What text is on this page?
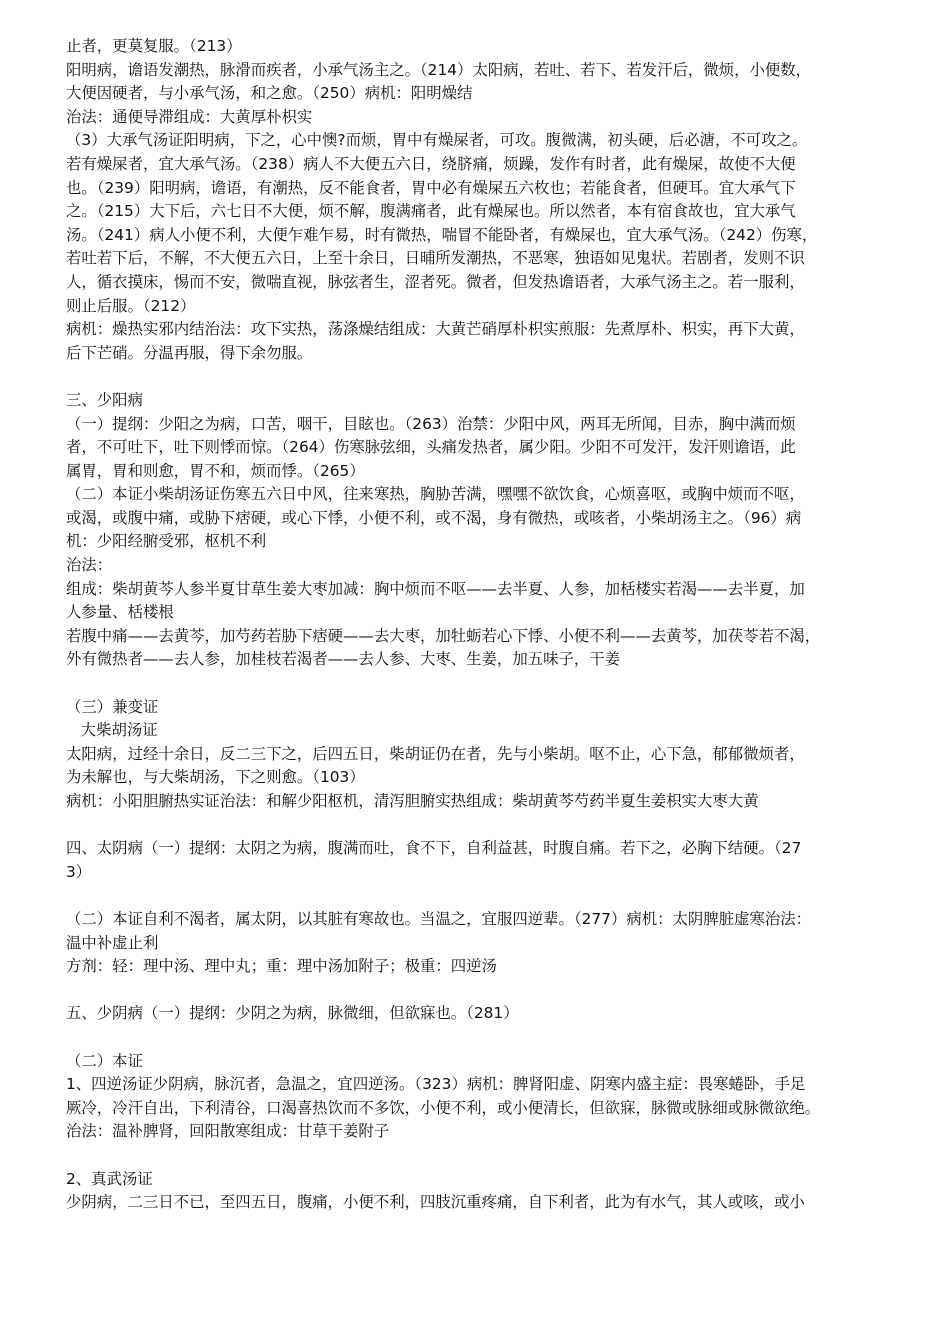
止者，更莫复服。（213）
阳明病，谵语发潮热，脉滑而疾者，小承气汤主之。（214）太阳病，若吐、若下、若发汗后，微烦，小便数，
大便因硬者，与小承气汤，和之愈。（250）病机：阳明燥结
治法：通便导滞组成：大黄厚朴枳实
（3）大承气汤证阳明病，下之，心中懊?而烦，胃中有燥屎者，可攻。腹微满，初头硬，后必溏，不可攻之。
若有燥屎者，宜大承气汤。（238）病人不大便五六日，绕脐痛，烦躁，发作有时者，此有燥屎，故使不大便
也。（239）阳明病，谵语，有潮热，反不能食者，胃中必有燥屎五六枚也；若能食者，但硬耳。宜大承气下
之。（215）大下后，六七日不大便，烦不解，腹满痛者，此有燥屎也。所以然者，本有宿食故也，宜大承气
汤。（241）病人小便不利，大便乍难乍易，时有微热，喘冒不能卧者，有燥屎也，宜大承气汤。（242）伤寒，
若吐若下后，不解，不大便五六日，上至十余日，日晡所发潮热，不恶寒，独语如见鬼状。若剧者，发则不识
人，循衣摸床，惕而不安，微喘直视，脉弦者生，涩者死。微者，但发热谵语者，大承气汤主之。若一服利，
则止后服。（212）
病机：燥热实邪内结治法：攻下实热，荡涤燥结组成：大黄芒硝厚朴枳实煎服：先煮厚朴、枳实，再下大黄，
后下芒硝。分温再服，得下余勿服。
三、少阳病
（一）提纲：少阳之为病，口苦，咽干，目眩也。（263）治禁：少阳中风，两耳无所闻，目赤，胸中满而烦
者，不可吐下，吐下则悸而惊。（264）伤寒脉弦细，头痛发热者，属少阳。少阳不可发汗，发汗则谵语，此
属胃，胃和则愈，胃不和，烦而悸。（265）
（二）本证小柴胡汤证伤寒五六日中风，往来寒热，胸胁苦满，嘿嘿不欲饮食，心烦喜呕，或胸中烦而不呕，
或渴，或腹中痛，或胁下痞硬，或心下悸，小便不利，或不渴，身有微热，或咳者，小柴胡汤主之。（96）病
机：少阳经腑受邪，枢机不利
治法：
组成：柴胡黄芩人参半夏甘草生姜大枣加减：胸中烦而不呕——去半夏、人参，加栝楼实若渴——去半夏，加
人参量、栝楼根
若腹中痛——去黄芩，加芍药若胁下痞硬——去大枣，加牡蛎若心下悸、小便不利——去黄芩，加茯苓若不渴，
外有微热者——去人参，加桂枝若渴者——去人参、大枣、生姜，加五味子，干姜
（三）兼变证
大柴胡汤证
太阳病，过经十余日，反二三下之，后四五日，柴胡证仍在者，先与小柴胡。呕不止，心下急，郁郁微烦者，
为未解也，与大柴胡汤，下之则愈。（103）
病机：小阳胆腑热实证治法：和解少阳枢机，清泻胆腑实热组成：柴胡黄芩芍药半夏生姜枳实大枣大黄
四、太阴病（一）提纲：太阴之为病，腹满而吐，食不下，自利益甚，时腹自痛。若下之，必胸下结硬。（27
3）
（二）本证自利不渴者，属太阴，以其脏有寒故也。当温之，宜服四逆辈。（277）病机：太阴脾脏虚寒治法：
温中补虚止利
方剂：轻：理中汤、理中丸；重：理中汤加附子；极重：四逆汤
五、少阴病（一）提纲：少阴之为病，脉微细，但欲寐也。（281）
（二）本证
1、四逆汤证少阴病，脉沉者，急温之，宜四逆汤。（323）病机：脾肾阳虚、阴寒内盛主症：畏寒蜷卧，手足
厥冷，冷汗自出，下利清谷，口渴喜热饮而不多饮，小便不利，或小便清长，但欲寐，脉微或脉细或脉微欲绝。
治法：温补脾肾，回阳散寒组成：甘草干姜附子
2、真武汤证
少阴病，二三日不已，至四五日，腹痛，小便不利，四肢沉重疼痛，自下利者，此为有水气，其人或咳，或小
